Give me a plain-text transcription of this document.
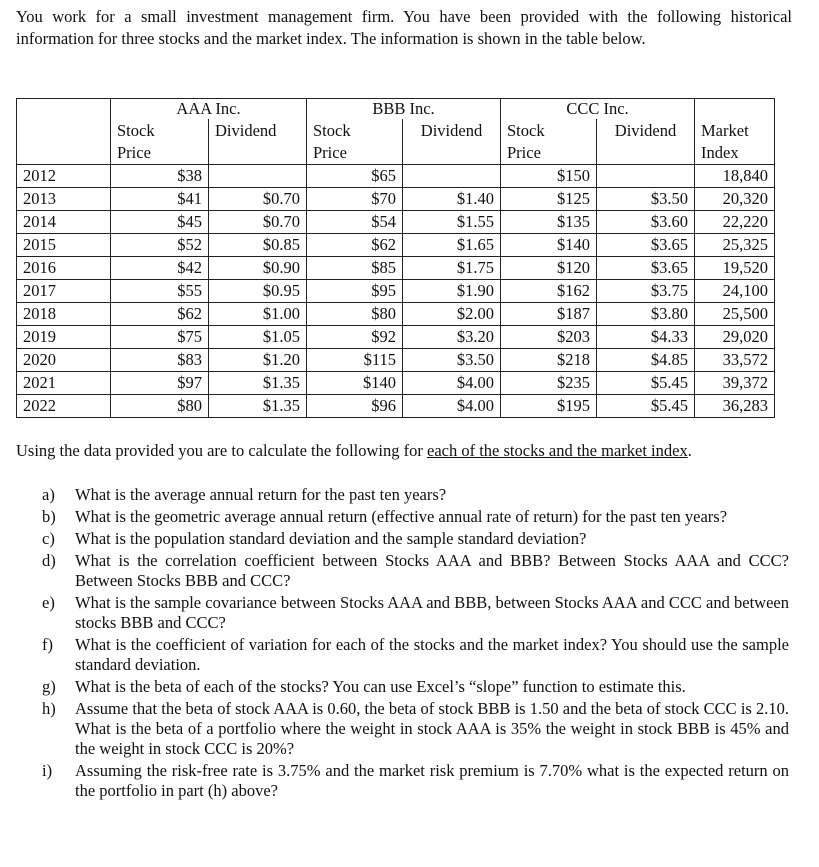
You work for a small investment management firm. You have been provided with the following historical information for three stocks and the market index. The information is shown in the table below.
	AAA Inc.		BBB Inc.		CCC Inc.		
	Stock	Dividend	Stock	Dividend	Stock	Dividend	Market
	Price		Price		Price		Index
2012	$38		$65		$150		18,840
2013	$41	$0.70	$70	$1.40	$125	$3.50	20,320
2014	$45	$0.70	$54	$1.55	$135	$3.60	22,220
2015	$52	$0.85	$62	$1.65	$140	$3.65	25,325
2016	$42	$0.90	$85	$1.75	$120	$3.65	19,520
2017	$55	$0.95	$95	$1.90	$162	$3.75	24,100
2018	$62	$1.00	$80	$2.00	$187	$3.80	25,500
2019	$75	$1.05	$92	$3.20	$203	$4.33	29,020
2020	$83	$1.20	$115	$3.50	$218	$4.85	33,572
2021	$97	$1.35	$140	$4.00	$235	$5.45	39,372
2022	$80	$1.35	$96	$4.00	$195	$5.45	36,283
Using the data provided you are to calculate the following for each of the stocks and the market index.
a) What is the average annual return for the past ten years?
b) What is the geometric average annual return (effective annual rate of return) for the past ten years?
c) What is the population standard deviation and the sample standard deviation?
d) What is the correlation coefficient between Stocks AAA and BBB? Between Stocks AAA and CCC? Between Stocks BBB and CCC?
e) What is the sample covariance between Stocks AAA and BBB, between Stocks AAA and CCC and between stocks BBB and CCC?
f) What is the coefficient of variation for each of the stocks and the market index? You should use the sample standard deviation.
g) What is the beta of each of the stocks? You can use Excel’s “slope” function to estimate this.
h) Assume that the beta of stock AAA is 0.60, the beta of stock BBB is 1.50 and the beta of stock CCC is 2.10. What is the beta of a portfolio where the weight in stock AAA is 35% the weight in stock BBB is 45% and the weight in stock CCC is 20%?
i) Assuming the risk-free rate is 3.75% and the market risk premium is 7.70% what is the expected return on the portfolio in part (h) above?
